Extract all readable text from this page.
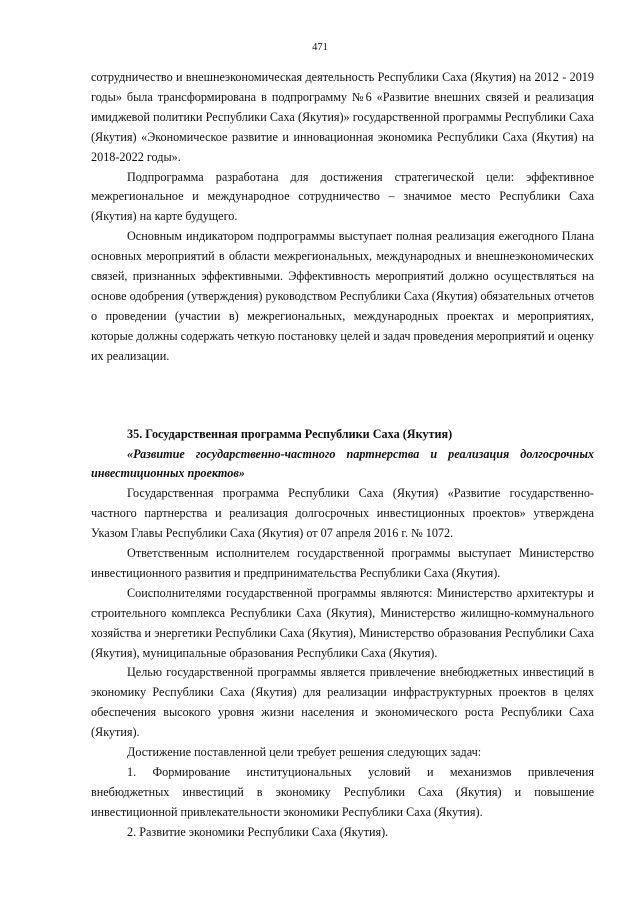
471

сотрудничество и внешнеэкономическая деятельность Республики Саха (Якутия) на 2012 - 2019 годы» была трансформирована в подпрограмму №6 «Развитие внешних связей и реализация имиджевой политики Республики Саха (Якутия)» государственной программы Республики Саха (Якутия) «Экономическое развитие и инновационная экономика Республики Саха (Якутия) на 2018-2022 годы».

Подпрограмма разработана для достижения стратегической цели: эффективное межрегиональное и международное сотрудничество – значимое место Республики Саха (Якутия) на карте будущего.

Основным индикатором подпрограммы выступает полная реализация ежегодного Плана основных мероприятий в области межрегиональных, международных и внешнеэкономических связей, признанных эффективными. Эффективность мероприятий должно осуществляться на основе одобрения (утверждения) руководством Республики Саха (Якутия) обязательных отчетов о проведении (участии в) межрегиональных, международных проектах и мероприятиях, которые должны содержать четкую постановку целей и задач проведения мероприятий и оценку их реализации.

35. Государственная программа Республики Саха (Якутия)

«Развитие государственно-частного партнерства и реализация долгосрочных инвестиционных проектов»

Государственная программа Республики Саха (Якутия) «Развитие государственно-частного партнерства и реализация долгосрочных инвестиционных проектов» утверждена Указом Главы Республики Саха (Якутия) от 07 апреля 2016 г. № 1072.

Ответственным исполнителем государственной программы выступает Министерство инвестиционного развития и предпринимательства Республики Саха (Якутия).

Соисполнителями государственной программы являются: Министерство архитектуры и строительного комплекса Республики Саха (Якутия), Министерство жилищно-коммунального хозяйства и энергетики Республики Саха (Якутия), Министерство образования Республики Саха (Якутия), муниципальные образования Республики Саха (Якутия).

Целью государственной программы является привлечение внебюджетных инвестиций в экономику Республики Саха (Якутия) для реализации инфраструктурных проектов в целях обеспечения высокого уровня жизни населения и экономического роста Республики Саха (Якутия).

Достижение поставленной цели требует решения следующих задач:

1. Формирование институциональных условий и механизмов привлечения внебюджетных инвестиций в экономику Республики Саха (Якутия) и повышение инвестиционной привлекательности экономики Республики Саха (Якутия).

2. Развитие экономики Республики Саха (Якутия).
